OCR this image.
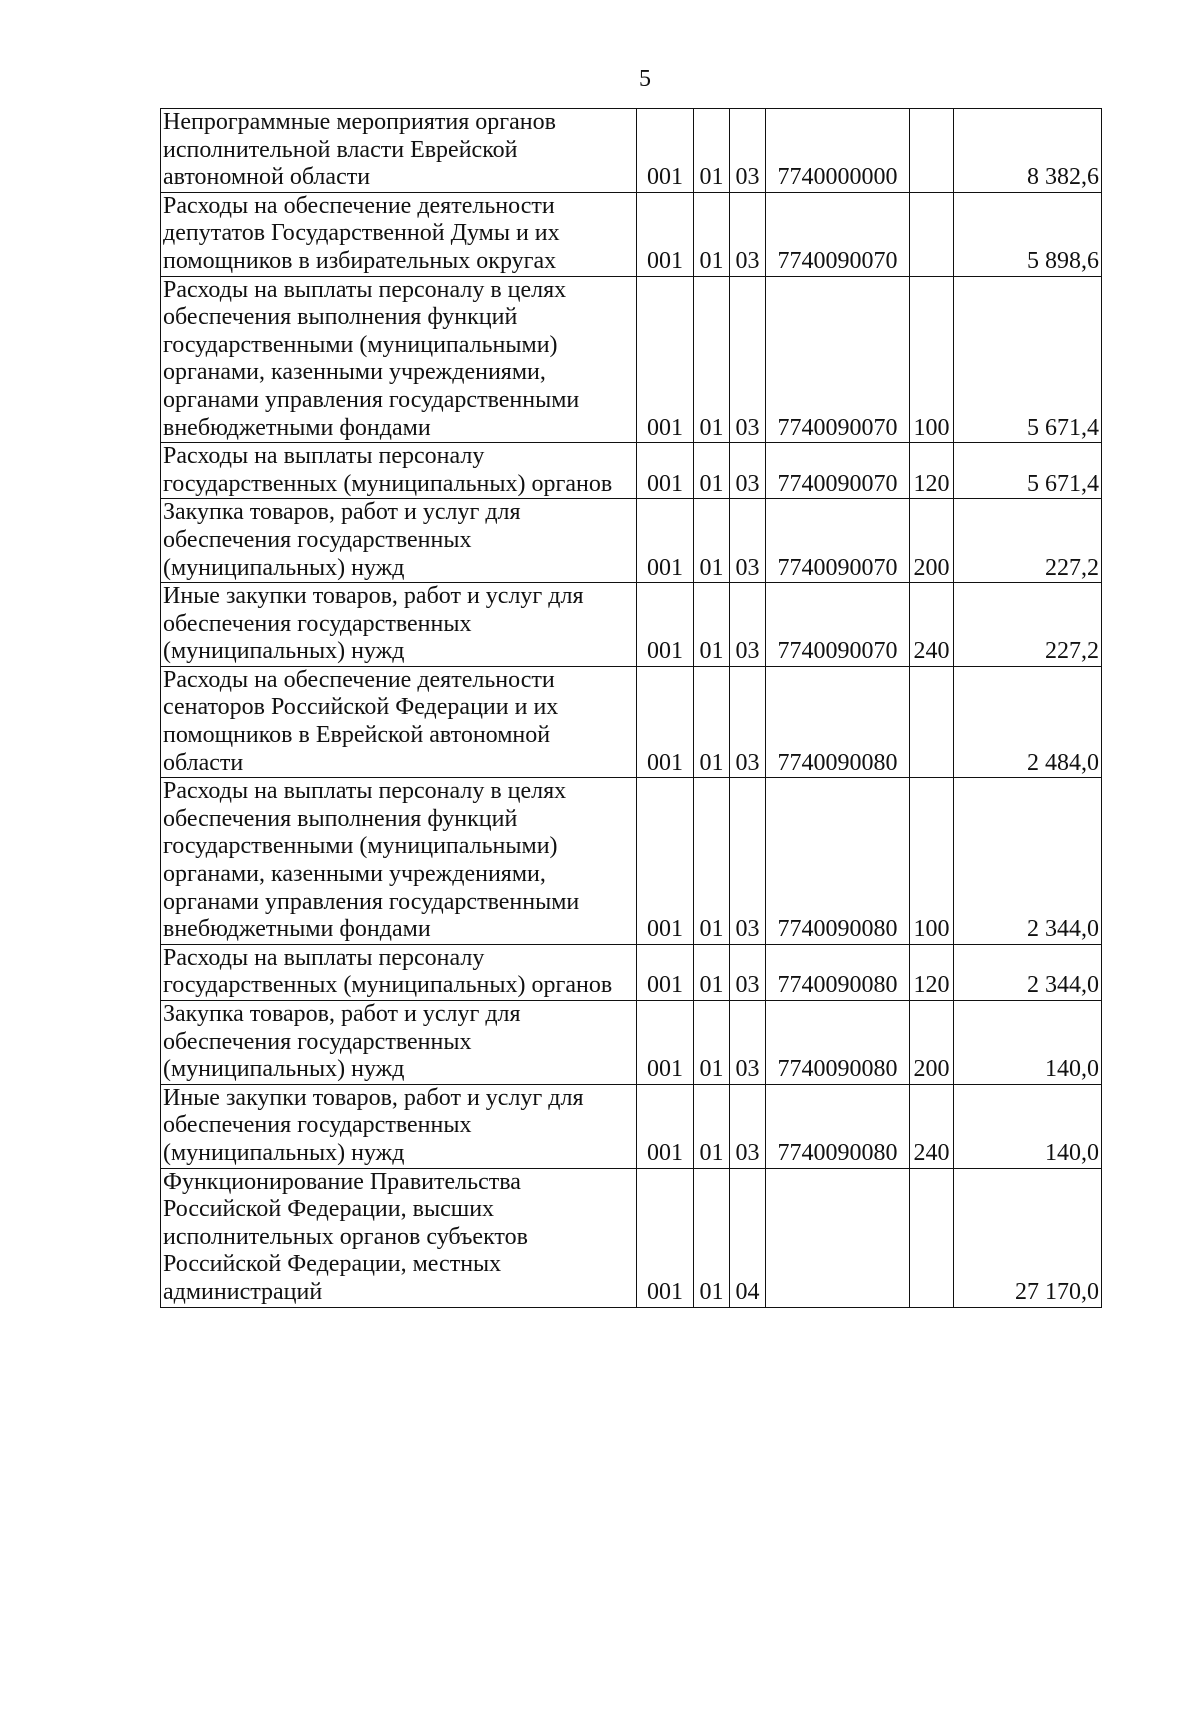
5
Непрограммные мероприятия органов исполнительной власти Еврейской автономной области	001	01	03	7740000000		8 382,6
Расходы на обеспечение деятельности депутатов Государственной Думы и их помощников в избирательных округах	001	01	03	7740090070		5 898,6
Расходы на выплаты персоналу в целях обеспечения выполнения функций государственными (муниципальными) органами, казенными учреждениями, органами управления государственными внебюджетными фондами	001	01	03	7740090070	100	5 671,4
Расходы на выплаты персоналу государственных (муниципальных) органов	001	01	03	7740090070	120	5 671,4
Закупка товаров, работ и услуг для обеспечения государственных (муниципальных) нужд	001	01	03	7740090070	200	227,2
Иные закупки товаров, работ и услуг для обеспечения государственных (муниципальных) нужд	001	01	03	7740090070	240	227,2
Расходы на обеспечение деятельности сенаторов Российской Федерации и их помощников в Еврейской автономной области	001	01	03	7740090080		2 484,0
Расходы на выплаты персоналу в целях обеспечения выполнения функций государственными (муниципальными) органами, казенными учреждениями, органами управления государственными внебюджетными фондами	001	01	03	7740090080	100	2 344,0
Расходы на выплаты персоналу государственных (муниципальных) органов	001	01	03	7740090080	120	2 344,0
Закупка товаров, работ и услуг для обеспечения государственных (муниципальных) нужд	001	01	03	7740090080	200	140,0
Иные закупки товаров, работ и услуг для обеспечения государственных (муниципальных) нужд	001	01	03	7740090080	240	140,0
Функционирование Правительства Российской Федерации, высших исполнительных органов субъектов Российской Федерации, местных администраций	001	01	04			27 170,0
